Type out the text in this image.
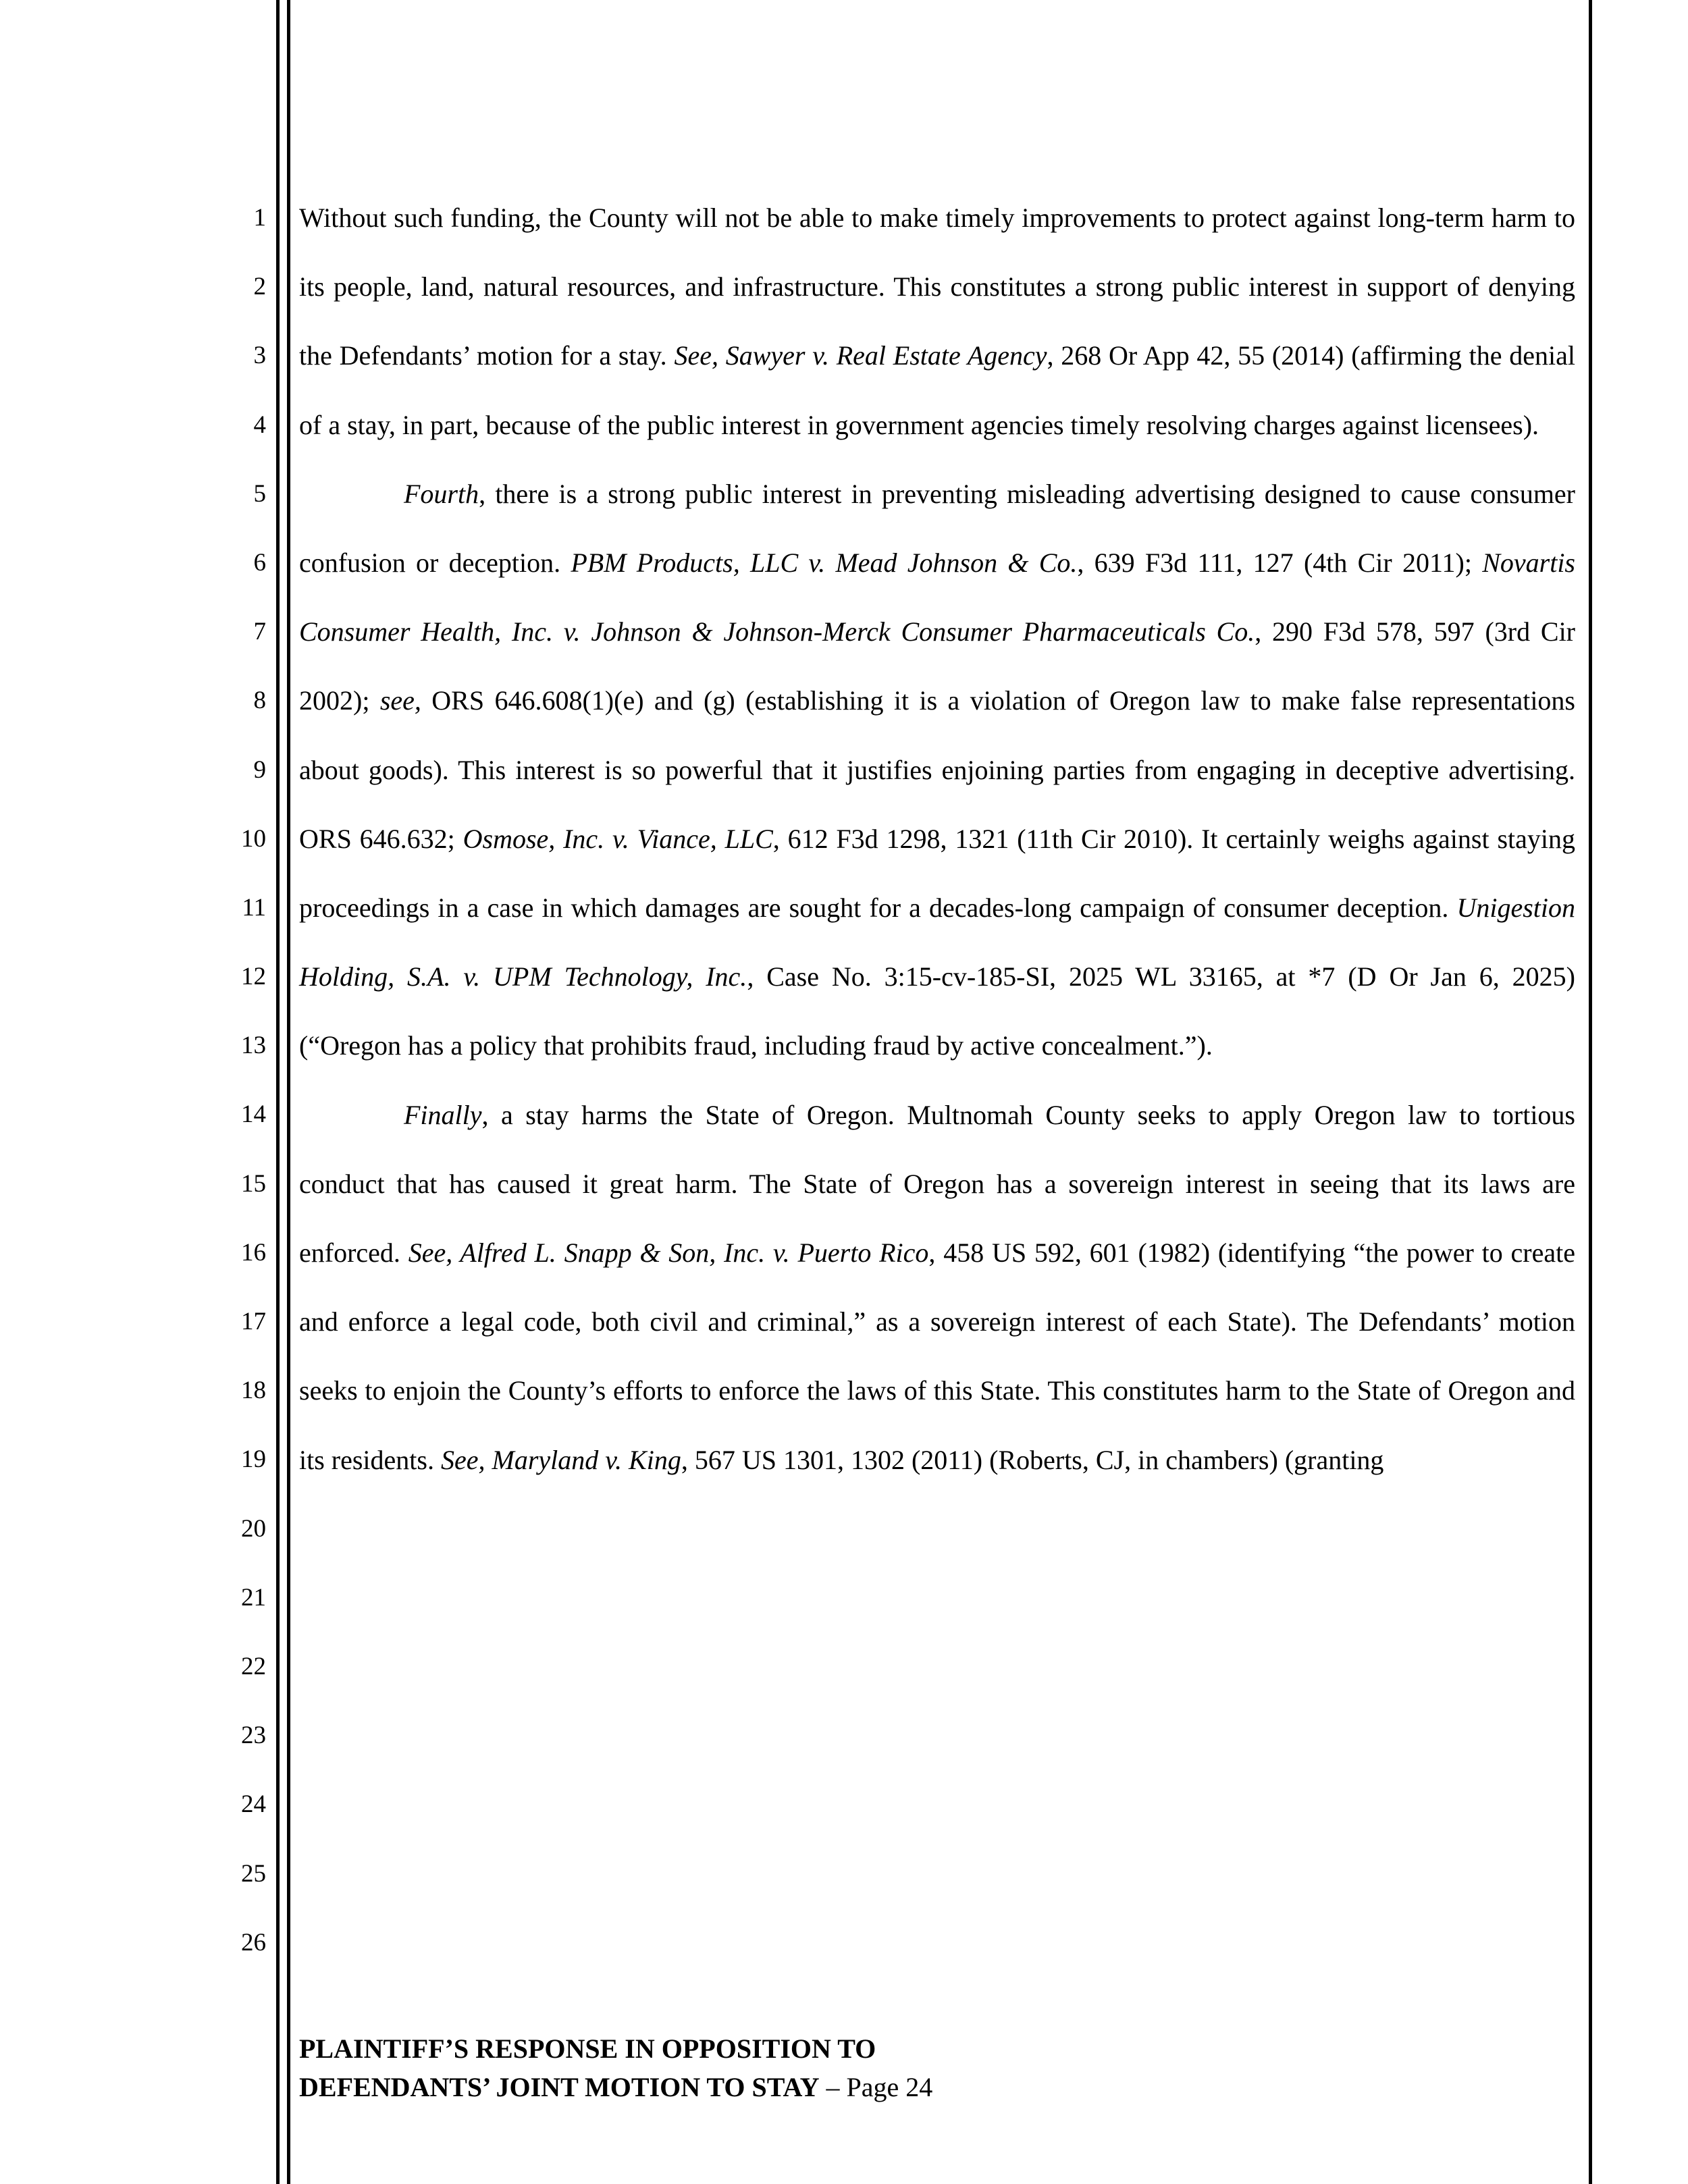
1
2
3
4
5
6
7
8
9
10
11
12
13
14
15
16
17
18
19
20
21
22
23
24
25
26

Without such funding, the County will not be able to make timely improvements to protect against long-term harm to its people, land, natural resources, and infrastructure. This constitutes a strong public interest in support of denying the Defendants’ motion for a stay. See, Sawyer v. Real Estate Agency, 268 Or App 42, 55 (2014) (affirming the denial of a stay, in part, because of the public interest in government agencies timely resolving charges against licensees).

Fourth, there is a strong public interest in preventing misleading advertising designed to cause consumer confusion or deception. PBM Products, LLC v. Mead Johnson & Co., 639 F3d 111, 127 (4th Cir 2011); Novartis Consumer Health, Inc. v. Johnson & Johnson-Merck Consumer Pharmaceuticals Co., 290 F3d 578, 597 (3rd Cir 2002); see, ORS 646.608(1)(e) and (g) (establishing it is a violation of Oregon law to make false representations about goods). This interest is so powerful that it justifies enjoining parties from engaging in deceptive advertising. ORS 646.632; Osmose, Inc. v. Viance, LLC, 612 F3d 1298, 1321 (11th Cir 2010). It certainly weighs against staying proceedings in a case in which damages are sought for a decades-long campaign of consumer deception. Unigestion Holding, S.A. v. UPM Technology, Inc., Case No. 3:15-cv-185-SI, 2025 WL 33165, at *7 (D Or Jan 6, 2025) (“Oregon has a policy that prohibits fraud, including fraud by active concealment.”).

Finally, a stay harms the State of Oregon. Multnomah County seeks to apply Oregon law to tortious conduct that has caused it great harm. The State of Oregon has a sovereign interest in seeing that its laws are enforced. See, Alfred L. Snapp & Son, Inc. v. Puerto Rico, 458 US 592, 601 (1982) (identifying “the power to create and enforce a legal code, both civil and criminal,” as a sovereign interest of each State). The Defendants’ motion seeks to enjoin the County’s efforts to enforce the laws of this State. This constitutes harm to the State of Oregon and its residents. See, Maryland v. King, 567 US 1301, 1302 (2011) (Roberts, CJ, in chambers) (granting

PLAINTIFF’S RESPONSE IN OPPOSITION TO
DEFENDANTS’ JOINT MOTION TO STAY – Page 24
